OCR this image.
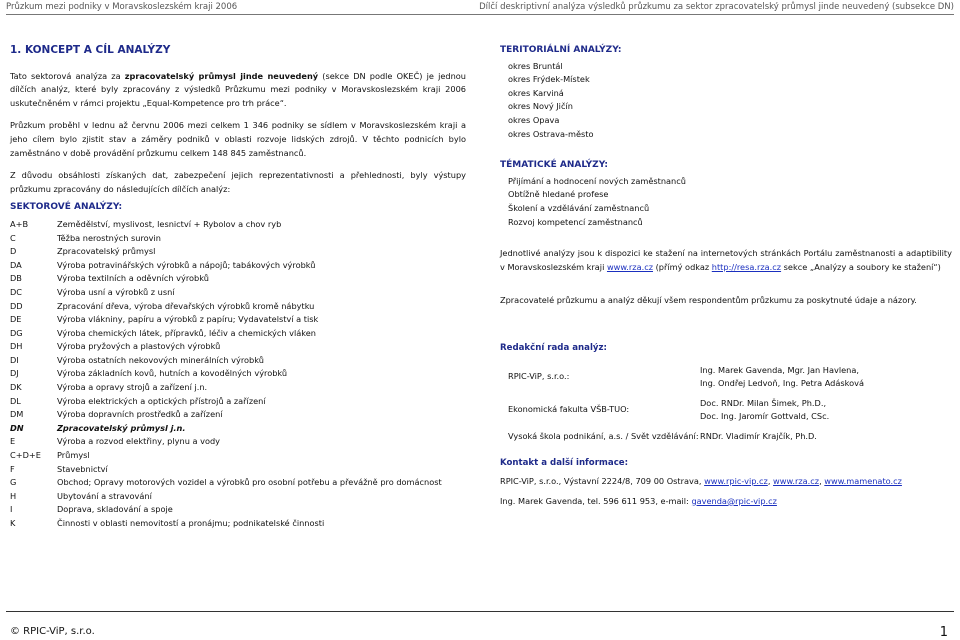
Průzkum mezi podniky v Moravskoslezském kraji 2006	Dílčí deskriptivní analýza výsledků průzkumu za sektor zpracovatelský průmysl jinde neuvedený (subsekce DN)
1. KONCEPT A CÍL ANALÝZY

Tato sektorová analýza za zpracovatelský průmysl jinde neuvedený (sekce DN podle OKEČ) je jednou dílčích analýz, které byly zpracovány z výsledků Průzkumu mezi podniky v Moravskoslezském kraji 2006 uskutečněném v rámci projektu „Equal-Kompetence pro trh práce“.

Průzkum proběhl v lednu až červnu 2006 mezi celkem 1 346 podniky se sídlem v Moravskoslezském kraji a jeho cílem bylo zjistit stav a záměry podniků v oblasti rozvoje lidských zdrojů. V těchto podnicích bylo zaměstnáno v době provádění průzkumu celkem 148 845 zaměstnanců.

Z důvodu obsáhlosti získaných dat, zabezpečení jejich reprezentativnosti a přehlednosti, byly výstupy průzkumu zpracovány do následujících dílčích analýz:

SEKTOROVÉ ANALÝZY:
A+B	Zemědělství, myslivost, lesnictví + Rybolov a chov ryb
C	Těžba nerostných surovin
D	Zpracovatelský průmysl
DA	Výroba potravinářských výrobků a nápojů; tabákových výrobků
DB	Výroba textilních a oděvních výrobků
DC	Výroba usní a výrobků z usní
DD	Zpracování dřeva, výroba dřevařských výrobků kromě nábytku
DE	Výroba vlákniny, papíru a výrobků z papíru; Vydavatelství a tisk
DG	Výroba chemických látek, přípravků, léčiv a chemických vláken
DH	Výroba pryžových a plastových výrobků
DI	Výroba ostatních nekovových minerálních výrobků
DJ	Výroba základních kovů, hutních a kovodělných výrobků
DK	Výroba a opravy strojů a zařízení j.n.
DL	Výroba elektrických a optických přístrojů a zařízení
DM	Výroba dopravních prostředků a zařízení
DN	Zpracovatelský průmysl j.n.
E	Výroba a rozvod elektřiny, plynu a vody
C+D+E	Průmysl
F	Stavebnictví
G	Obchod; Opravy motorových vozidel a výrobků pro osobní potřebu a převážně pro domácnost
H	Ubytování a stravování
I	Doprava, skladování a spoje
K	Činnosti v oblasti nemovitostí a pronájmu; podnikatelské činnosti
TERITORIÁLNÍ ANALÝZY:
okres Bruntál
okres Frýdek-Místek
okres Karviná
okres Nový Jičín
okres Opava
okres Ostrava-město
TÉMATICKÉ ANALÝZY:
Přijímání a hodnocení nových zaměstnanců
Obtížně hledané profese
Školení a vzdělávání zaměstnanců
Rozvoj kompetencí zaměstnanců

Jednotlivé analýzy jsou k dispozici ke stažení na internetových stránkách Portálu zaměstnanosti a adaptibility v Moravskoslezském kraji www.rza.cz (přímý odkaz http://resa.rza.cz sekce „Analýzy a soubory ke stažení“)

Zpracovatelé průzkumu a analýz děkují všem respondentům průzkumu za poskytnuté údaje a názory.

Redakční rada analýz:
RPIC-ViP, s.r.o.:
Ing. Marek Gavenda, Mgr. Jan Havlena,
Ing. Ondřej Ledvoň, Ing. Petra Adásková
Ekonomická fakulta VŠB-TUO:
Doc. RNDr. Milan Šimek, Ph.D.,
Doc. Ing. Jaromír Gottvald, CSc.
Vysoká škola podnikání, a.s. / Svět vzdělávání: RNDr. Vladimír Krajčík, Ph.D.
Kontakt a další informace:
RPIC-ViP, s.r.o., Výstavní 2224/8, 709 00 Ostrava, www.rpic-vip.cz, www.rza.cz, www.mamenato.cz
Ing. Marek Gavenda, tel. 596 611 953, e-mail: gavenda@rpic-vip.cz
© RPIC-ViP, s.r.o.	1
